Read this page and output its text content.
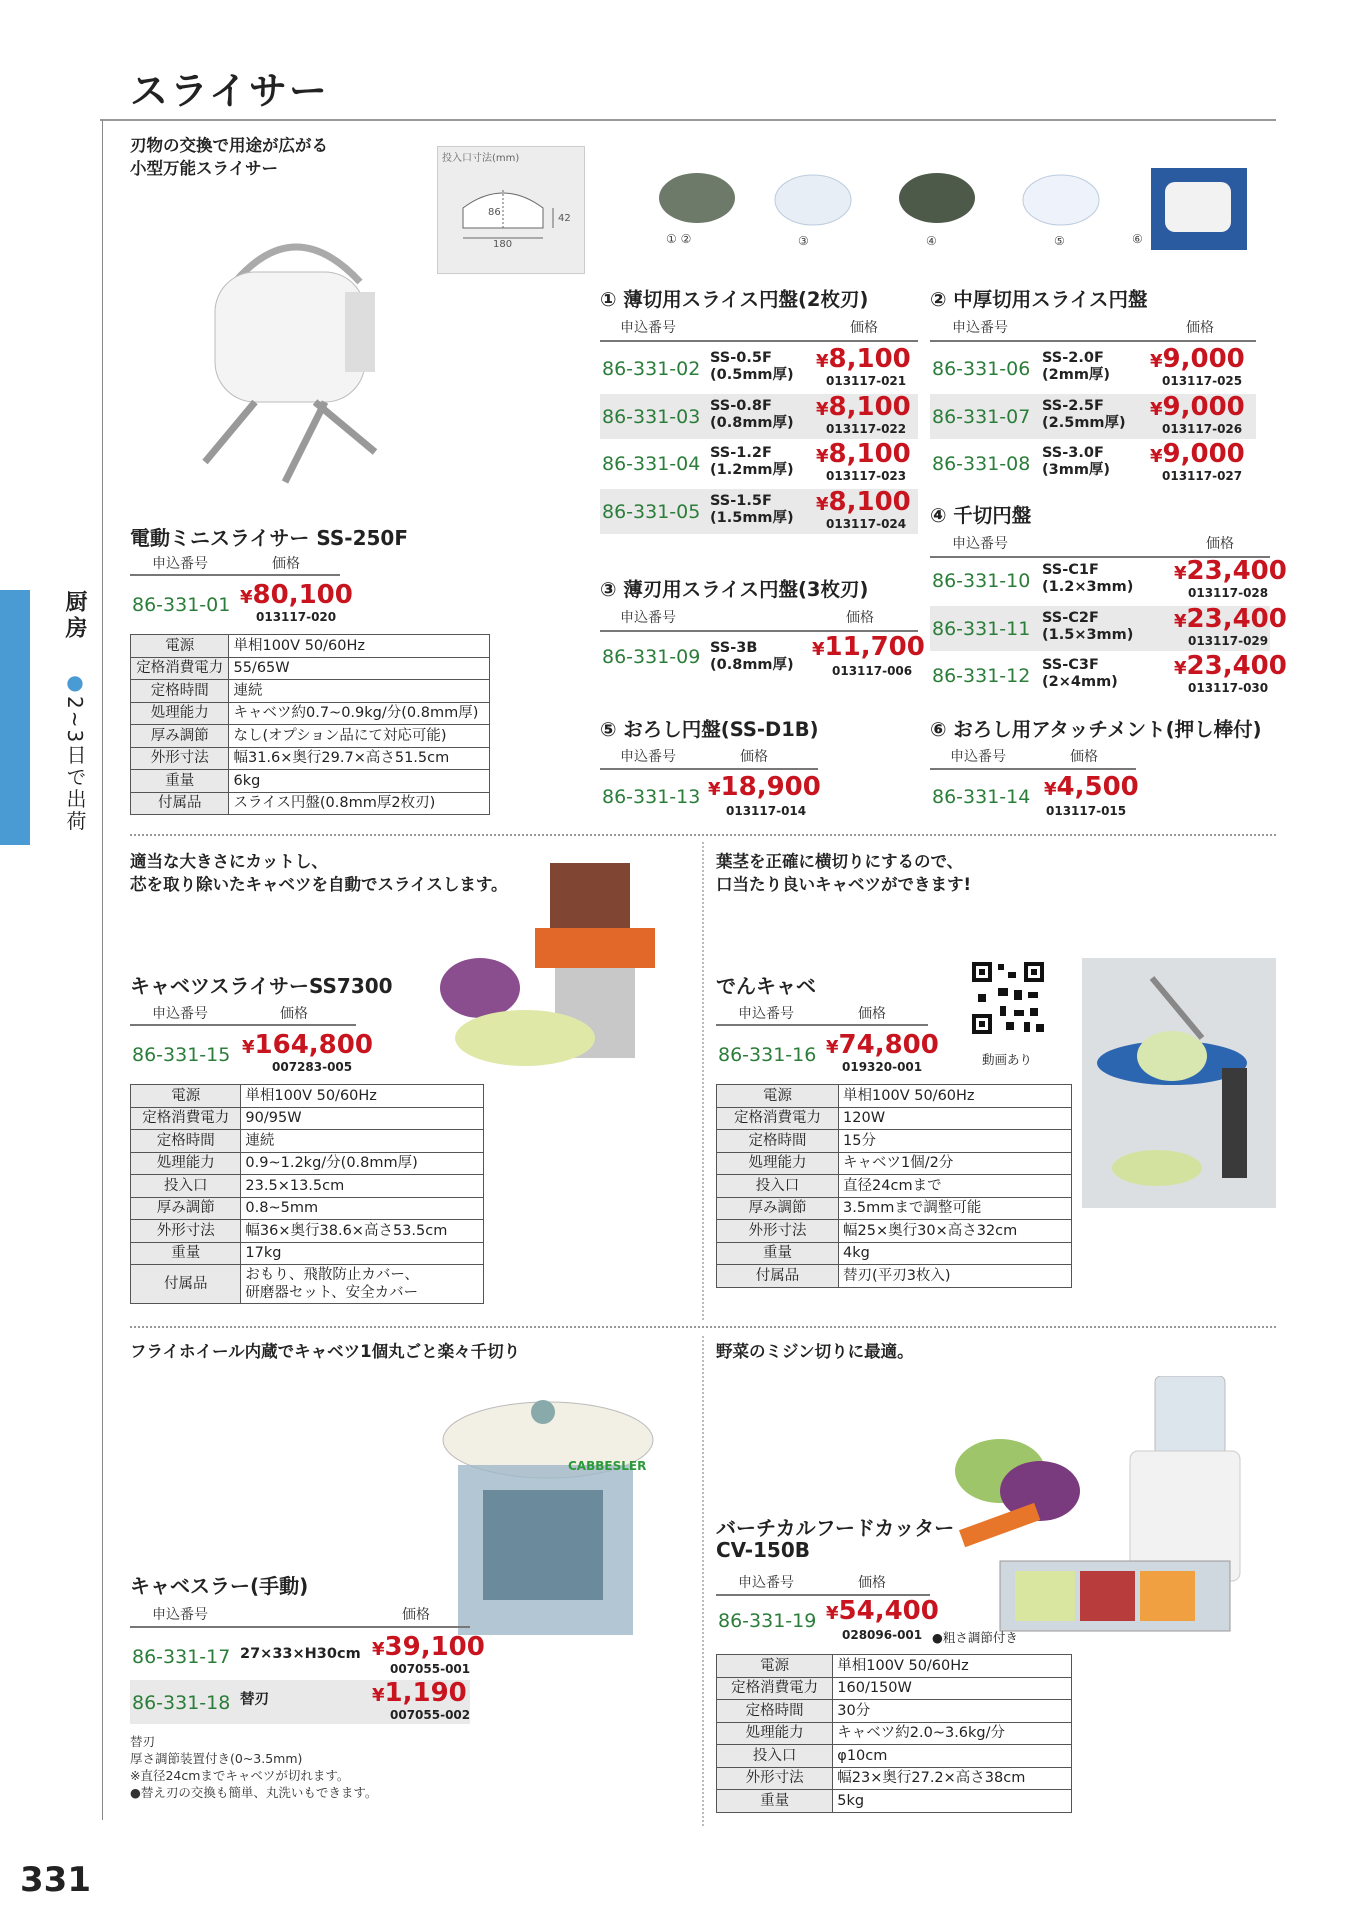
スライサー
厨房
●2~3日で出荷
331
刃物の交換で用途が広がる
小型万能スライサー
投入口寸法(mm)
180
86
42
① ②	③	④	⑤	⑥
電動ミニスライサー SS-250F
申込番号	価格
86-331-01 ¥80,100
013117-020
電源	単相100V 50/60Hz
定格消費電力	55/65W
定格時間	連続
処理能力	キャベツ約0.7~0.9kg/分(0.8mm厚)
厚み調節	なし(オプション品にて対応可能)
外形寸法	幅31.6×奥行29.7×高さ51.5cm
重量	6kg
付属品	スライス円盤(0.8mm厚2枚刃)
① 薄切用スライス円盤(2枚刃)
申込番号	価格
86-331-02 SS-0.5F
(0.5mm厚)
¥8,100
013117-021
86-331-03 SS-0.8F
(0.8mm厚)
¥8,100
013117-022
86-331-04 SS-1.2F
(1.2mm厚)
¥8,100
013117-023
86-331-05 SS-1.5F
(1.5mm厚)
¥8,100
013117-024
② 中厚切用スライス円盤
申込番号	価格
86-331-06 SS-2.0F
(2mm厚)
¥9,000
013117-025
86-331-07 SS-2.5F
(2.5mm厚)
¥9,000
013117-026
86-331-08 SS-3.0F
(3mm厚)
¥9,000
013117-027
③ 薄刃用スライス円盤(3枚刃)
申込番号	価格
86-331-09 SS-3B
(0.8mm厚)
¥11,700
013117-006
④ 千切円盤
申込番号	価格
86-331-10 SS-C1F
(1.2×3mm)
¥23,400
013117-028
86-331-11 SS-C2F
(1.5×3mm)
¥23,400
013117-029
86-331-12 SS-C3F
(2×4mm)
¥23,400
013117-030
⑤ おろし円盤(SS-D1B)
申込番号	価格
86-331-13 ¥18,900
013117-014
⑥ おろし用アタッチメント(押し棒付)
申込番号	価格
86-331-14 ¥4,500
013117-015
適当な大きさにカットし、
芯を取り除いたキャベツを自動でスライスします。
キャベツスライサーSS7300
申込番号	価格
86-331-15 ¥164,800
007283-005
電源	単相100V 50/60Hz
定格消費電力	90/95W
定格時間	連続
処理能力	0.9~1.2kg/分(0.8mm厚)
投入口	23.5×13.5cm
厚み調節	0.8~5mm
外形寸法	幅36×奥行38.6×高さ53.5cm
重量	17kg
付属品	おもり、飛散防止カバー、
研磨器セット、安全カバー
葉茎を正確に横切りにするので、
口当たり良いキャベツができます!
でんキャベ
申込番号	価格
86-331-16 ¥74,800
019320-001	動画あり
電源	単相100V 50/60Hz
定格消費電力	120W
定格時間	15分
処理能力	キャベツ1個/2分
投入口	直径24cmまで
厚み調節	3.5mmまで調整可能
外形寸法	幅25×奥行30×高さ32cm
重量	4kg
付属品	替刃(平刃3枚入)
フライホイール内蔵でキャベツ1個丸ごと楽々千切り
CABBESLER
キャベスラー(手動)
申込番号	価格
86-331-17 27×33×H30cm ¥39,100
007055-001
86-331-18 替刃	¥1,190
007055-002
替刃
厚さ調節装置付き(0~3.5mm)
※直径24cmまでキャベツが切れます。
●替え刃の交換も簡単、丸洗いもできます。
野菜のミジン切りに最適。
バーチカルフードカッター
CV-150B
申込番号	価格
86-331-19 ¥54,400
028096-001 ●粗さ調節付き
電源	単相100V 50/60Hz
定格消費電力	160/150W
定格時間	30分
処理能力	キャベツ約2.0~3.6kg/分
投入口	φ10cm
外形寸法	幅23×奥行27.2×高さ38cm
重量	5kg
